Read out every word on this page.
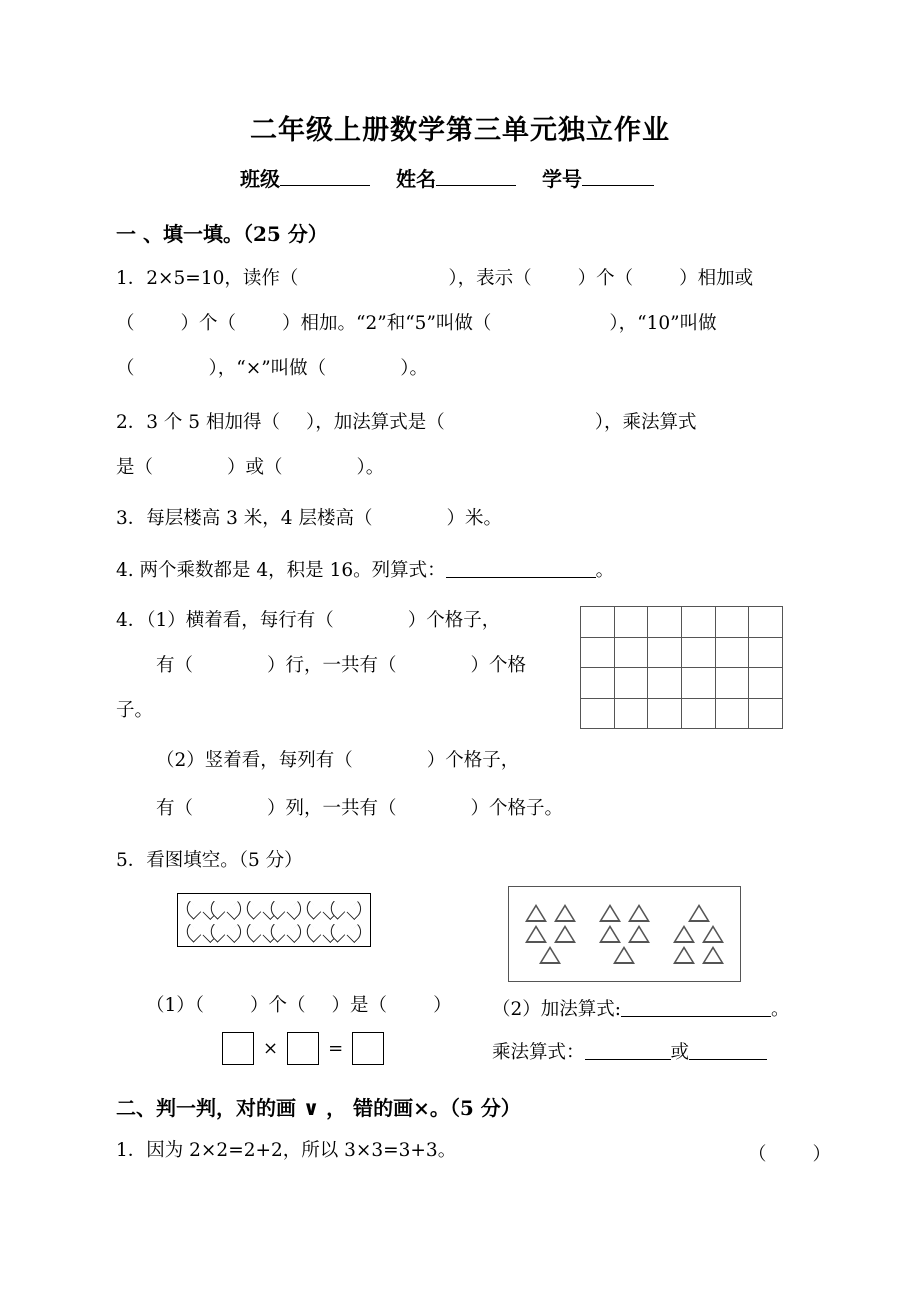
二年级上册数学第三单元独立作业
班级	姓名	学号
一 、填一填。（25 分）
1．2×5=10，读作（	），表示（ ）个（ ）相加或
（ ）个（ ）相加。“2”和“5”叫做（	），“10”叫做
（	），“×”叫做（	）。
2．3 个 5 相加得（ ），加法算式是（	），乘法算式
是（	）或（	）。
3．每层楼高 3 米，4 层楼高（	）米。
4. 两个乘数都是 4，积是 16。列算式：	。
4．（1）横着看，每行有（	）个格子，
有（	）行，一共有（	）个格
子。
（2）竖着看，每列有（	）个格子，
有（	）列，一共有（	）个格子。
5．看图填空。（5 分）
（1）（ ）个（ ）是（ ）
×	=
（2）加法算式:	。
乘法算式：	或
二、判一判，对的画 ∨ ， 错的画×。（5 分）
1．因为 2×2=2+2，所以 3×3=3+3。	（ ）
